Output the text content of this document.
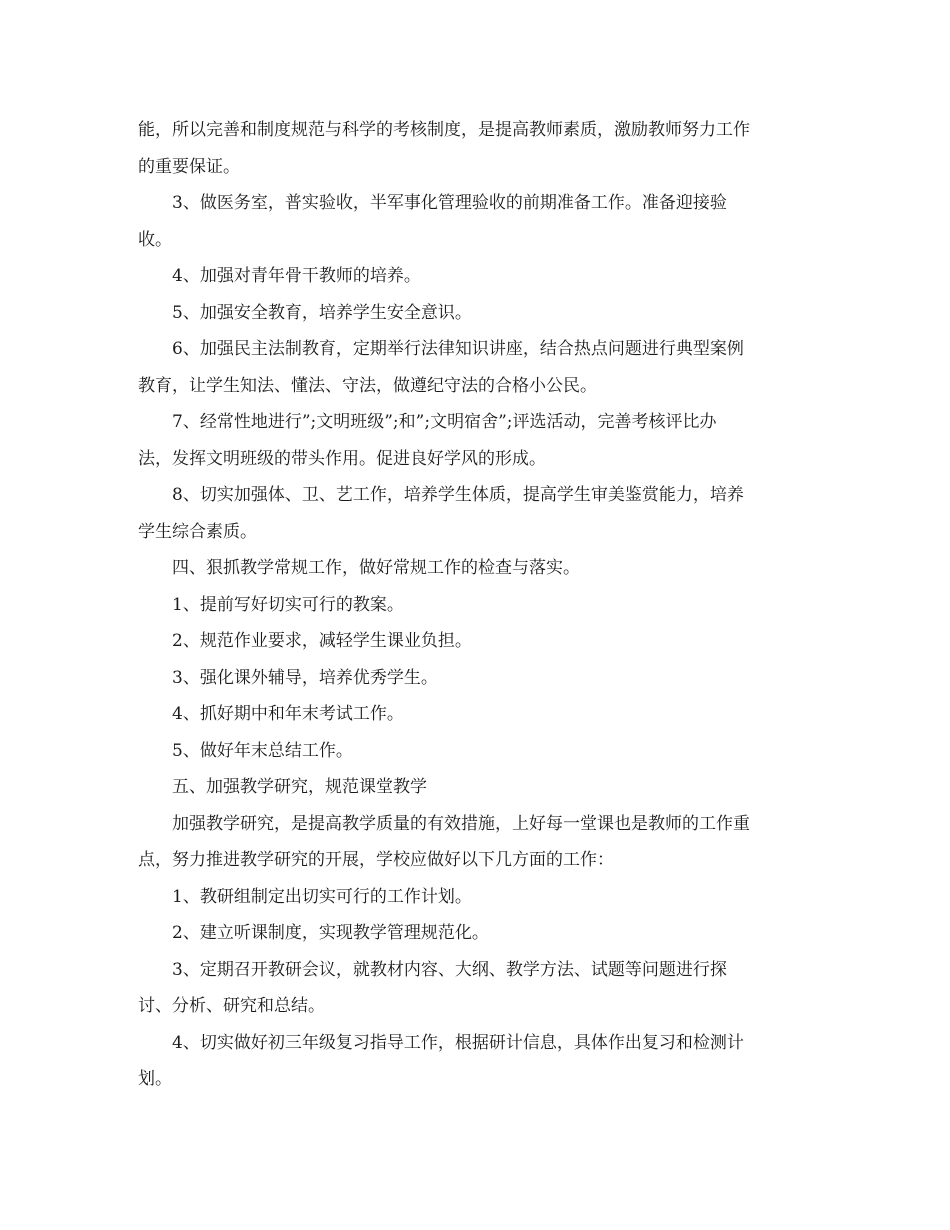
能，所以完善和制度规范与科学的考核制度，是提高教师素质，激励教师努力工作
的重要保证。

　　3、做医务室，普实验收，半军事化管理验收的前期准备工作。准备迎接验
收。

　　4、加强对青年骨干教师的培养。

　　5、加强安全教育，培养学生安全意识。

　　6、加强民主法制教育，定期举行法律知识讲座，结合热点问题进行典型案例
教育，让学生知法、懂法、守法，做遵纪守法的合格小公民。

　　7、经常性地进行”;文明班级”;和”;文明宿舍”;评选活动，完善考核评比办
法，发挥文明班级的带头作用。促进良好学风的形成。

　　8、切实加强体、卫、艺工作，培养学生体质，提高学生审美鉴赏能力，培养
学生综合素质。

　　四、狠抓教学常规工作，做好常规工作的检查与落实。

　　1、提前写好切实可行的教案。

　　2、规范作业要求，减轻学生课业负担。

　　3、强化课外辅导，培养优秀学生。

　　4、抓好期中和年末考试工作。

　　5、做好年末总结工作。

　　五、加强教学研究，规范课堂教学

　　加强教学研究，是提高教学质量的有效措施，上好每一堂课也是教师的工作重
点，努力推进教学研究的开展，学校应做好以下几方面的工作：

　　1、教研组制定出切实可行的工作计划。

　　2、建立听课制度，实现教学管理规范化。

　　3、定期召开教研会议，就教材内容、大纲、教学方法、试题等问题进行探
讨、分析、研究和总结。

　　4、切实做好初三年级复习指导工作，根据研计信息，具体作出复习和检测计
划。
